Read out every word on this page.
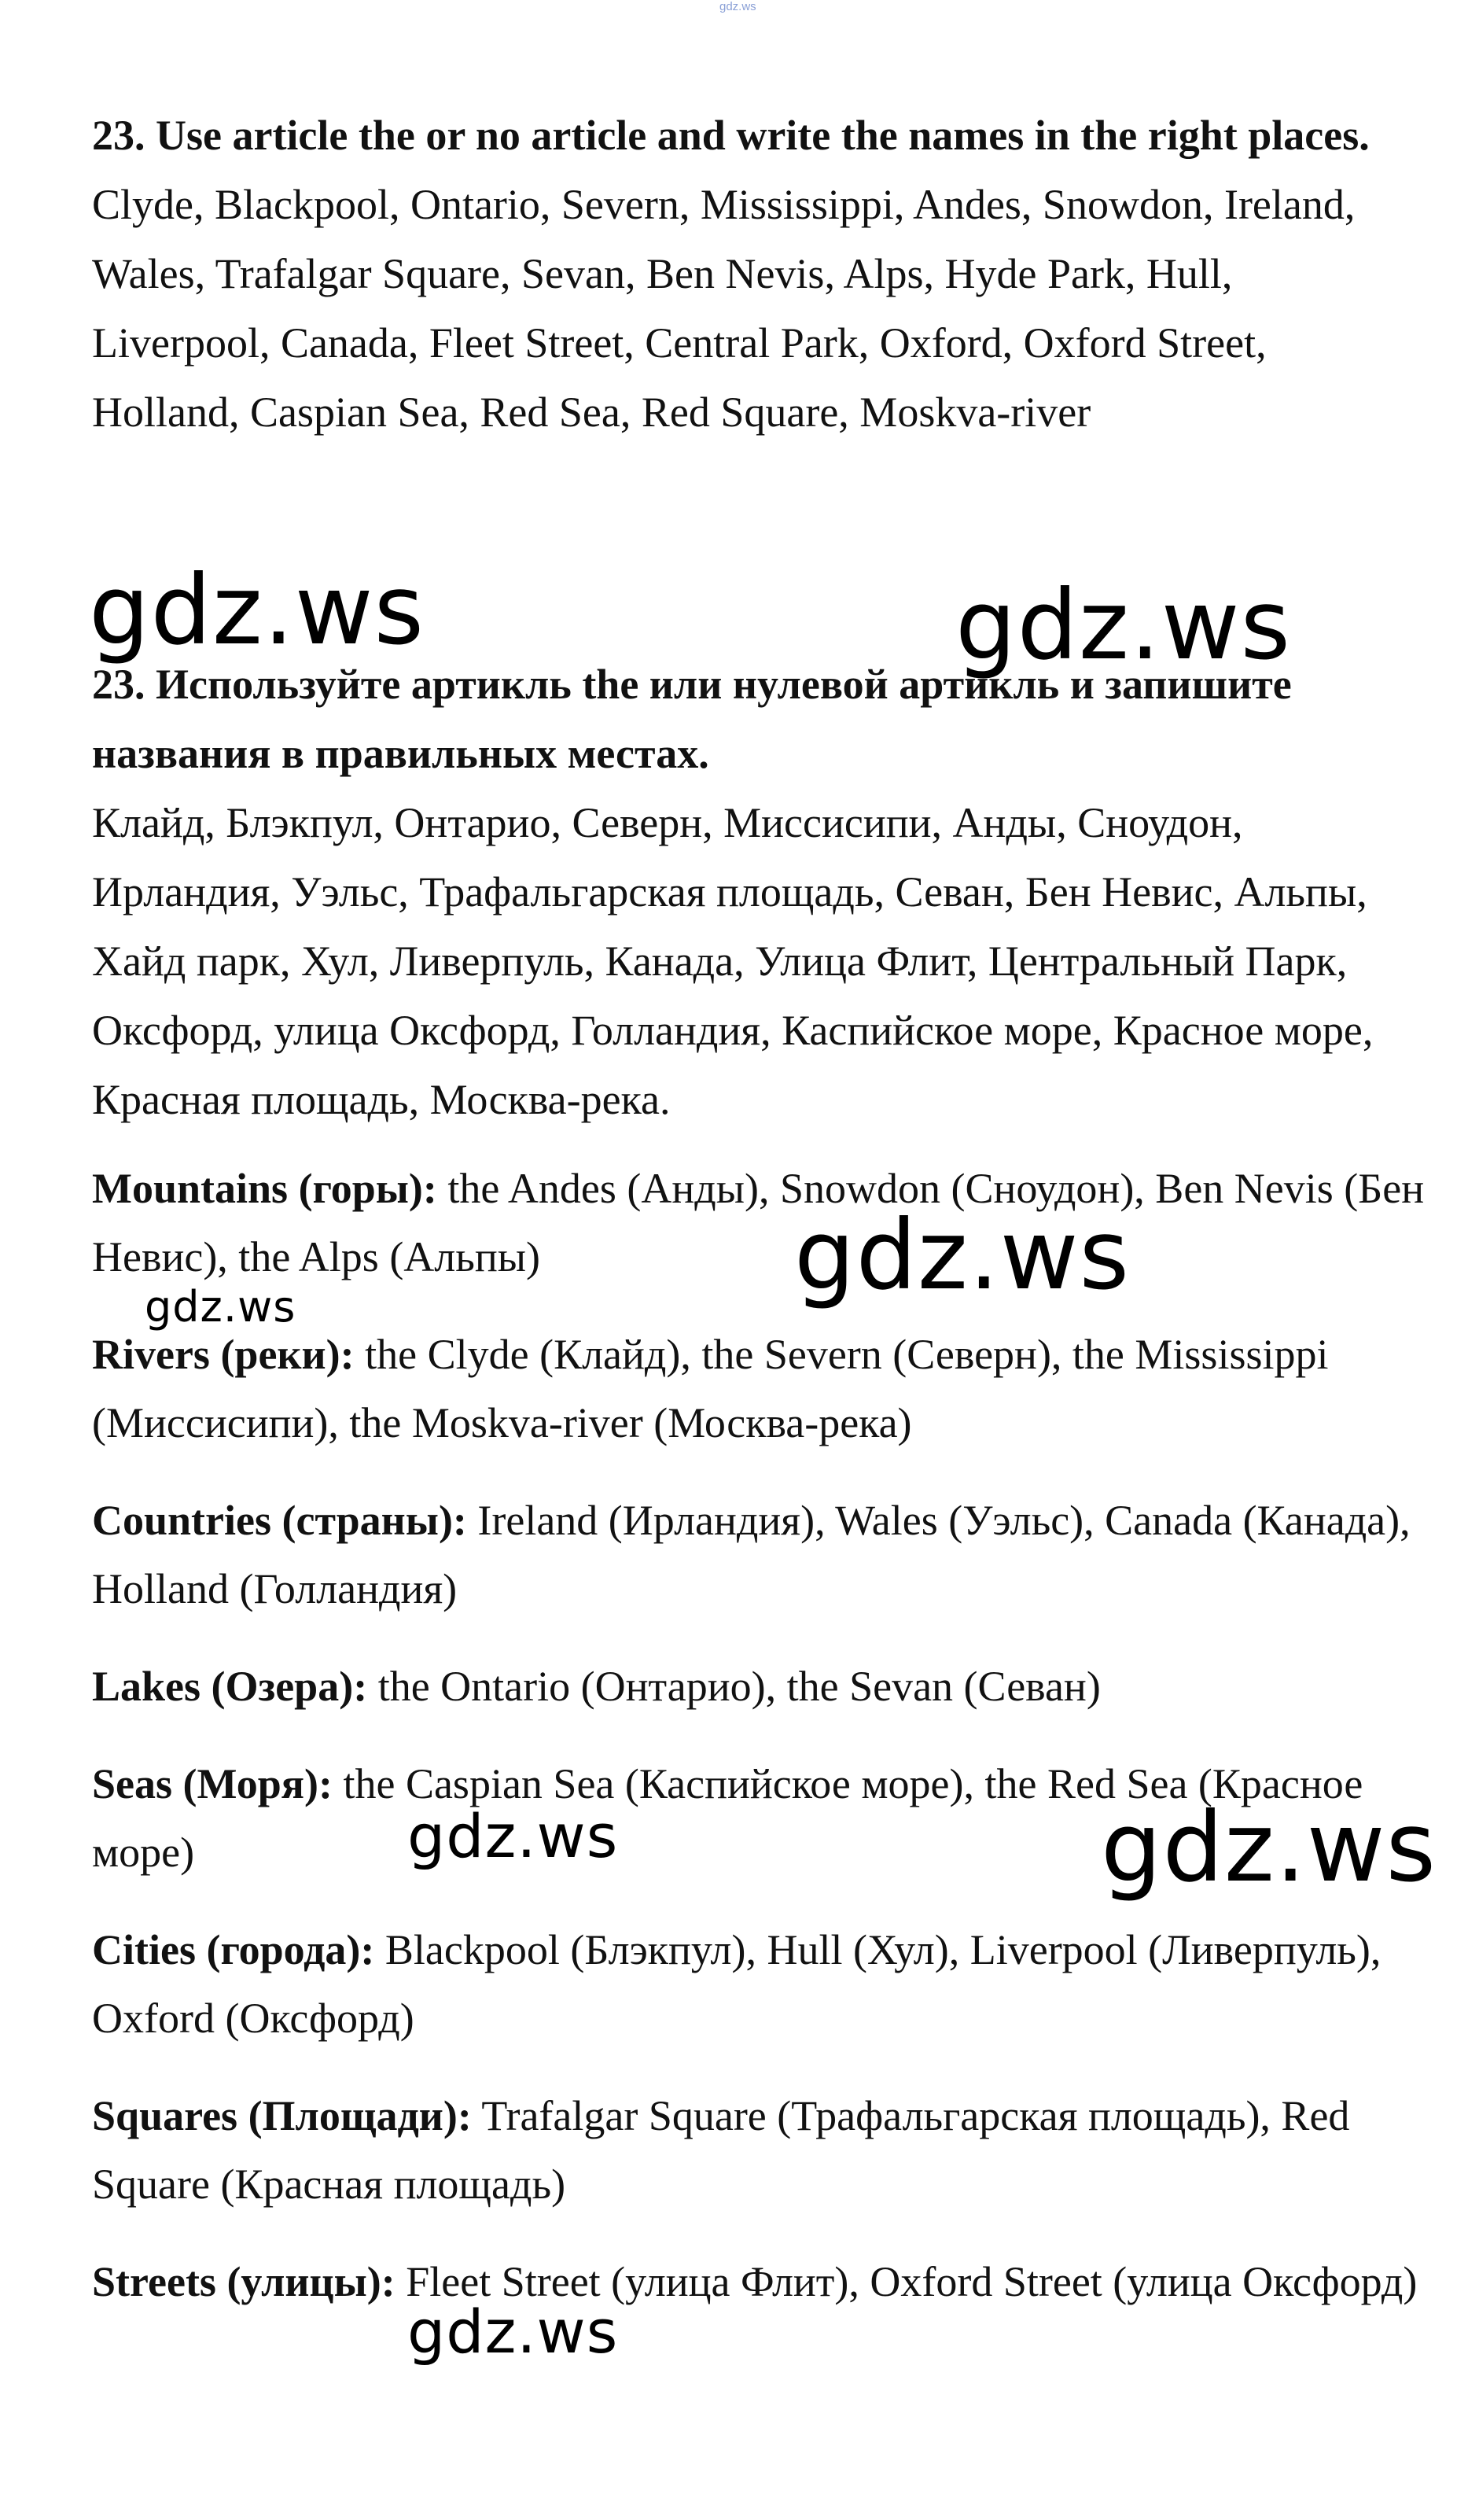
gdz.ws

23. Use article the or no article and write the names in the right places.

Clyde, Blackpool, Ontario, Severn, Mississippi, Andes, Snowdon, Ireland, Wales, Trafalgar Square, Sevan, Ben Nevis, Alps, Hyde Park, Hull, Liverpool, Canada, Fleet Street, Central Park, Oxford, Oxford Street, Holland, Caspian Sea, Red Sea, Red Square, Moskva-river

23. Используйте артикль the или нулевой артикль и запишите названия в правильных местах.

Клайд, Блэкпул, Онтарио, Северн, Миссисипи, Анды, Сноудон, Ирландия, Уэльс, Трафальгарская площадь, Севан, Бен Невис, Альпы, Хайд парк, Хул, Ливерпуль, Канада, Улица Флит, Центральный Парк, Оксфорд, улица Оксфорд, Голландия, Каспийское море, Красное море, Красная площадь, Москва-река.

Mountains (горы): the Andes (Анды), Snowdon (Сноудон), Ben Nevis (Бен Невис), the Alps (Альпы)

Rivers (реки): the Clyde (Клайд), the Severn (Северн), the Mississippi (Миссисипи), the Moskva-river (Москва-река)

Countries (страны): Ireland (Ирландия), Wales (Уэльс), Canada (Канада), Holland (Голландия)

Lakes (Озера): the Ontario (Онтарио), the Sevan (Севан)

Seas (Моря): the Caspian Sea (Каспийское море), the Red Sea (Красное море)

Cities (города): Blackpool (Блэкпул), Hull (Хул), Liverpool (Ливерпуль), Oxford (Оксфорд)

Squares (Площади): Trafalgar Square (Трафальгарская площадь), Red Square (Красная площадь)

Streets (улицы): Fleet Street (улица Флит), Oxford Street (улица Оксфорд)

gdz.ws	gdz.ws
gdz.ws
gdz.ws
gdz.ws	gdz.ws
gdz.ws
